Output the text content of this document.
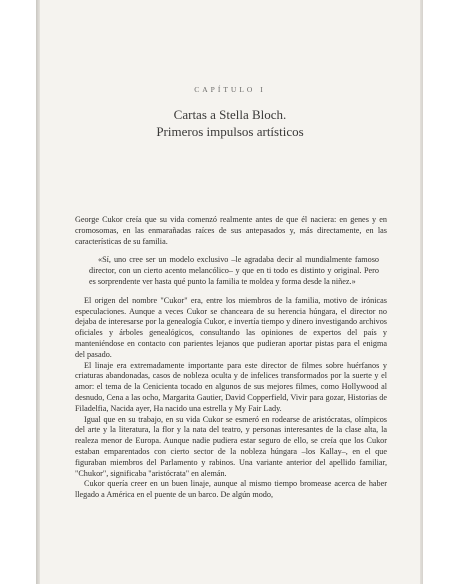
CAPÍTULO I
Cartas a Stella Bloch.
Primeros impulsos artísticos

George Cukor creía que su vida comenzó realmente antes de que él naciera: en genes y en cromosomas, en las enmarañadas raíces de sus antepasados y, más directamente, en las características de su familia.

«Sí, uno cree ser un modelo exclusivo –le agradaba decir al mundialmente famoso director, con un cierto acento melancólico– y que en ti todo es distinto y original. Pero es sorprendente ver hasta qué punto la familia te moldea y forma desde la niñez.»

El origen del nombre "Cukor" era, entre los miembros de la familia, motivo de irónicas especulaciones. Aunque a veces Cukor se chanceara de su herencia húngara, el director no dejaba de interesarse por la genealogía Cukor, e invertía tiempo y dinero investigando archivos oficiales y árboles genealógicos, consultando las opiniones de expertos del país y manteniéndose en contacto con parientes lejanos que pudieran aportar pistas para el enigma del pasado.

El linaje era extremadamente importante para este director de filmes sobre huérfanos y criaturas abandonadas, casos de nobleza oculta y de infelices transformados por la suerte y el amor: el tema de la Cenicienta tocado en algunos de sus mejores filmes, como Hollywood al desnudo, Cena a las ocho, Margarita Gautier, David Copperfield, Vivir para gozar, Historias de Filadelfia, Nacida ayer, Ha nacido una estrella y My Fair Lady.

Igual que en su trabajo, en su vida Cukor se esmeró en rodearse de aristócratas, olímpicos del arte y la literatura, la flor y la nata del teatro, y personas interesantes de la clase alta, la realeza menor de Europa. Aunque nadie pudiera estar seguro de ello, se creía que los Cukor estaban emparentados con cierto sector de la nobleza húngara –los Kallay–, en el que figuraban miembros del Parlamento y rabinos. Una variante anterior del apellido familiar, "Chukor", significaba "aristócrata" en alemán.

Cukor quería creer en un buen linaje, aunque al mismo tiempo bromease acerca de haber llegado a América en el puente de un barco. De algún modo,
